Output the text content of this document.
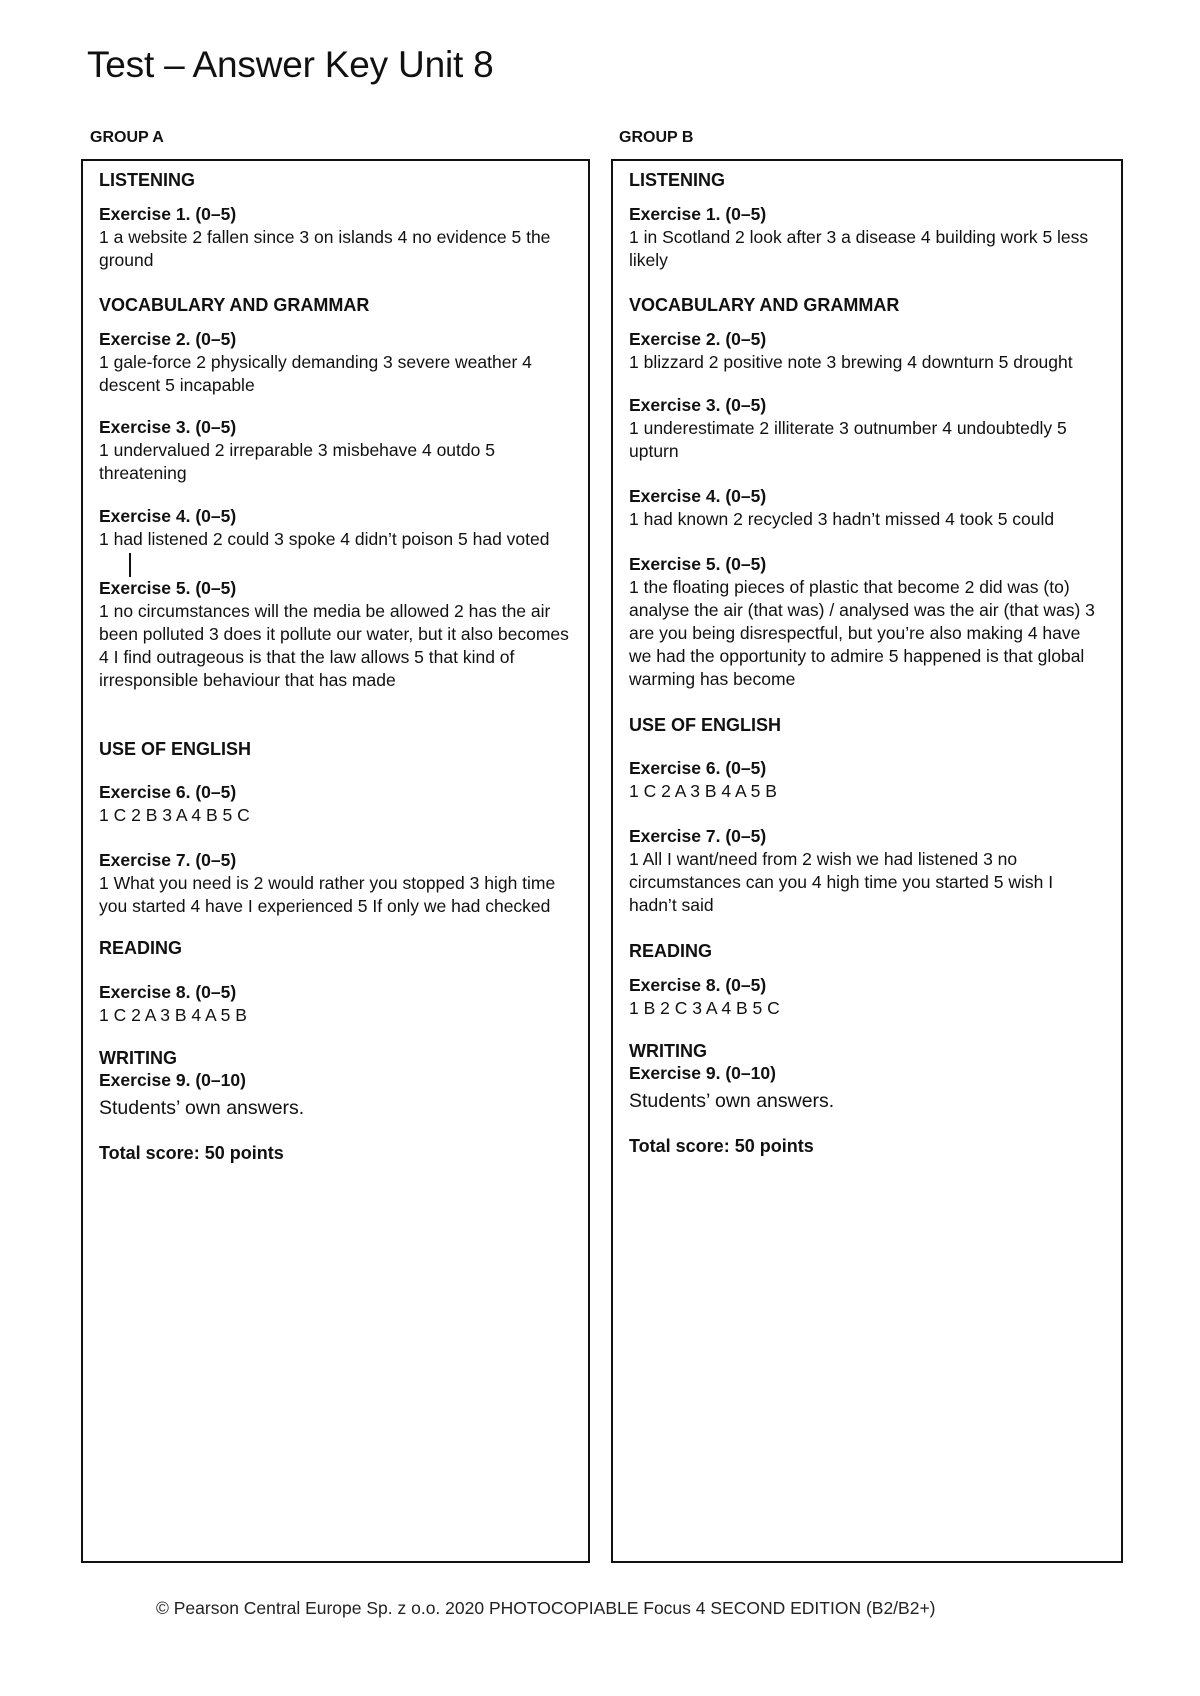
Test – Answer Key Unit 8
GROUP A	GROUP B

LISTENING

Exercise 1. (0–5)

1 a website 2 fallen since 3 on islands 4 no evidence 5 the ground

VOCABULARY AND GRAMMAR

Exercise 2. (0–5)

1 gale-force 2 physically demanding 3 severe weather 4 descent 5 incapable

Exercise 3. (0–5)

1 undervalued 2 irreparable 3 misbehave 4 outdo 5 threatening

Exercise 4. (0–5)

1 had listened 2 could 3 spoke 4 didn’t poison 5 had voted

Exercise 5. (0–5)

1 no circumstances will the media be allowed 2 has the air been polluted 3 does it pollute our water, but it also becomes 4 I find outrageous is that the law allows 5 that kind of irresponsible behaviour that has made

USE OF ENGLISH

Exercise 6. (0–5)

1 C 2 B 3 A 4 B 5 C

Exercise 7. (0–5)

1 What you need is 2 would rather you stopped 3 high time you started 4 have I experienced 5 If only we had checked

READING

Exercise 8. (0–5)

1 C 2 A 3 B 4 A 5 B

WRITING

Exercise 9. (0–10)

Students’ own answers.

Total score: 50 points

LISTENING

Exercise 1. (0–5)

1 in Scotland 2 look after 3 a disease 4 building work 5 less likely

VOCABULARY AND GRAMMAR

Exercise 2. (0–5)

1 blizzard 2 positive note 3 brewing 4 downturn 5 drought

Exercise 3. (0–5)

1 underestimate 2 illiterate 3 outnumber 4 undoubtedly 5 upturn

Exercise 4. (0–5)

1 had known 2 recycled 3 hadn’t missed 4 took 5 could

Exercise 5. (0–5)

1 the floating pieces of plastic that become 2 did was (to) analyse the air (that was) / analysed was the air (that was) 3 are you being disrespectful, but you’re also making 4 have we had the opportunity to admire 5 happened is that global warming has become

USE OF ENGLISH

Exercise 6. (0–5)

1 C 2 A 3 B 4 A 5 B

Exercise 7. (0–5)

1 All I want/need from 2 wish we had listened 3 no circumstances can you 4 high time you started 5 wish I hadn’t said

READING

Exercise 8. (0–5)

1 B 2 C 3 A 4 B 5 C

WRITING

Exercise 9. (0–10)

Students’ own answers.

Total score: 50 points

© Pearson Central Europe Sp. z o.o. 2020 PHOTOCOPIABLE Focus 4 SECOND EDITION (B2/B2+)
